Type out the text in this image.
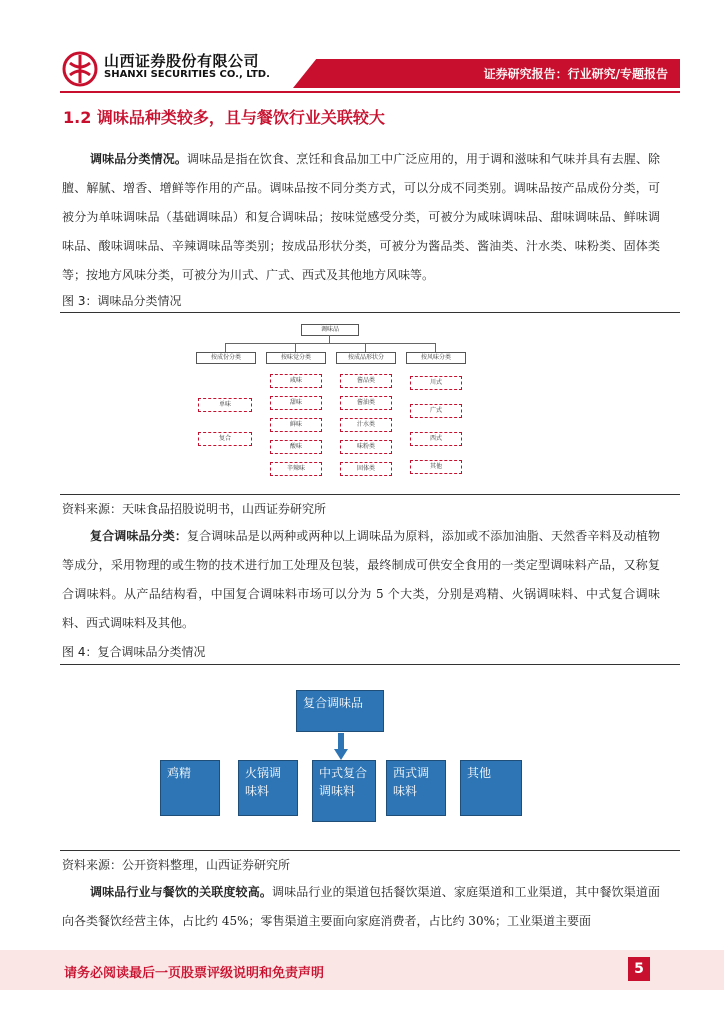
山西证券股份有限公司
SHANXI SECURITIES CO., LTD.	证券研究报告：行业研究/专题报告
1.2 调味品种类较多，且与餐饮行业关联较大
调味品分类情况。调味品是指在饮食、烹饪和食品加工中广泛应用的，用于调和滋味和气味并具有去腥、除膻、解腻、增香、增鲜等作用的产品。调味品按不同分类方式，可以分成不同类别。调味品按产品成份分类，可被分为单味调味品（基础调味品）和复合调味品；按味觉感受分类，可被分为咸味调味品、甜味调味品、鲜味调味品、酸味调味品、辛辣调味品等类别；按成品形状分类，可被分为酱品类、酱油类、汁水类、味粉类、固体类等；按地方风味分类，可被分为川式、广式、西式及其他地方风味等。
图 3：调味品分类情况
调味品
按成份分类	按味觉分类	按成品形状分	按风味分类
单味
复合
咸味
甜味
鲜味
酸味
辛辣味
酱品类
酱油类
汁水类
味粉类
固体类
川式
广式
西式
其他
资料来源：天味食品招股说明书，山西证券研究所
复合调味品分类：复合调味品是以两种或两种以上调味品为原料，添加或不添加油脂、天然香辛料及动植物等成分，采用物理的或生物的技术进行加工处理及包装，最终制成可供安全食用的一类定型调味料产品，又称复合调味料。从产品结构看，中国复合调味料市场可以分为 5 个大类，分别是鸡精、火锅调味料、中式复合调味料、西式调味料及其他。
图 4：复合调味品分类情况
复合调味品
鸡精	火锅调味料
中式复合调味料
西式调味料
其他
资料来源：公开资料整理，山西证券研究所
调味品行业与餐饮的关联度较高。调味品行业的渠道包括餐饮渠道、家庭渠道和工业渠道，其中餐饮渠道面向各类餐饮经营主体，占比约 45%；零售渠道主要面向家庭消费者，占比约 30%；工业渠道主要面
请务必阅读最后一页股票评级说明和免责声明	5
